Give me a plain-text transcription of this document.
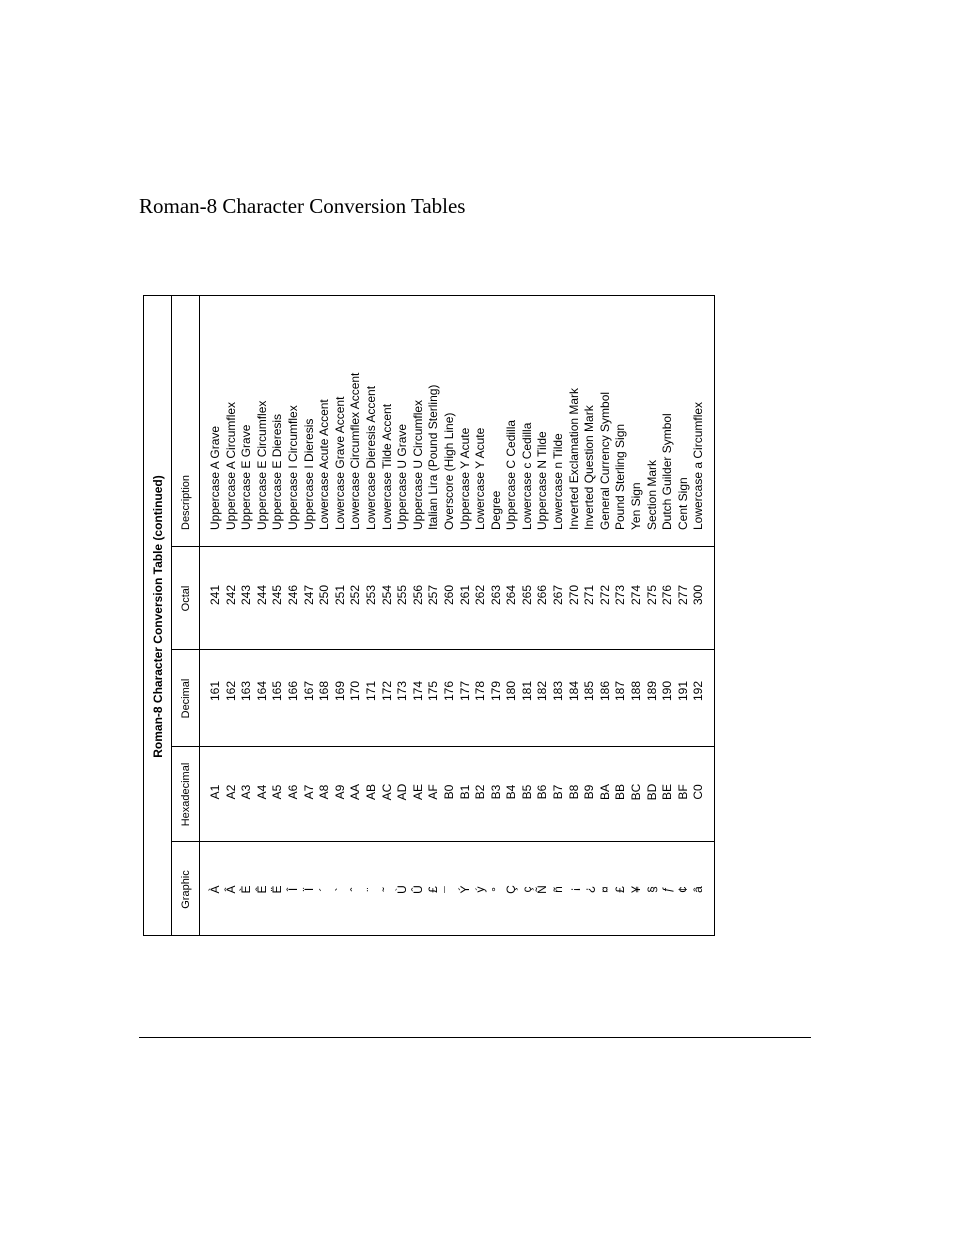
Roman-8 Character Conversion Tables
Roman-8 Character Conversion Table (continued)
Graphic
Hexadecimal
Decimal
Octal
Description
À
A1
161
241
Uppercase A Grave
Â
A2
162
242
Uppercase A Circumflex
È
A3
163
243
Uppercase E Grave
Ê
A4
164
244
Uppercase E Circumflex
Ë
A5
165
245
Uppercase E Dieresis
Î
A6
166
246
Uppercase I Circumflex
Ï
A7
167
247
Uppercase I Dieresis
´
A8
168
250
Lowercase Acute Accent
`
A9
169
251
Lowercase Grave Accent
ˆ
AA
170
252
Lowercase Circumflex Accent
¨
AB
171
253
Lowercase Dieresis Accent
˜
AC
172
254
Lowercase Tilde Accent
Ù
AD
173
255
Uppercase U Grave
Û
AE
174
256
Uppercase U Circumflex
£
AF
175
257
Italian Lira (Pound Sterling)
¯
B0
176
260
Overscore (High Line)
Ý
B1
177
261
Uppercase Y Acute
ý
B2
178
262
Lowercase Y Acute
°
B3
179
263
Degree
Ç
B4
180
264
Uppercase C Cedilla
ç
B5
181
265
Lowercase c Cedilla
Ñ
B6
182
266
Uppercase N Tilde
ñ
B7
183
267
Lowercase n Tilde
¡
B8
184
270
Inverted Exclamation Mark
¿
B9
185
271
Inverted Question Mark
¤
BA
186
272
General Currency Symbol
£
BB
187
273
Pound Sterling Sign
¥
BC
188
274
Yen Sign
§
BD
189
275
Section Mark
ƒ
BE
190
276
Dutch Guilder Symbol
¢
BF
191
277
Cent Sign
â
C0
192
300
Lowercase a Circumflex
